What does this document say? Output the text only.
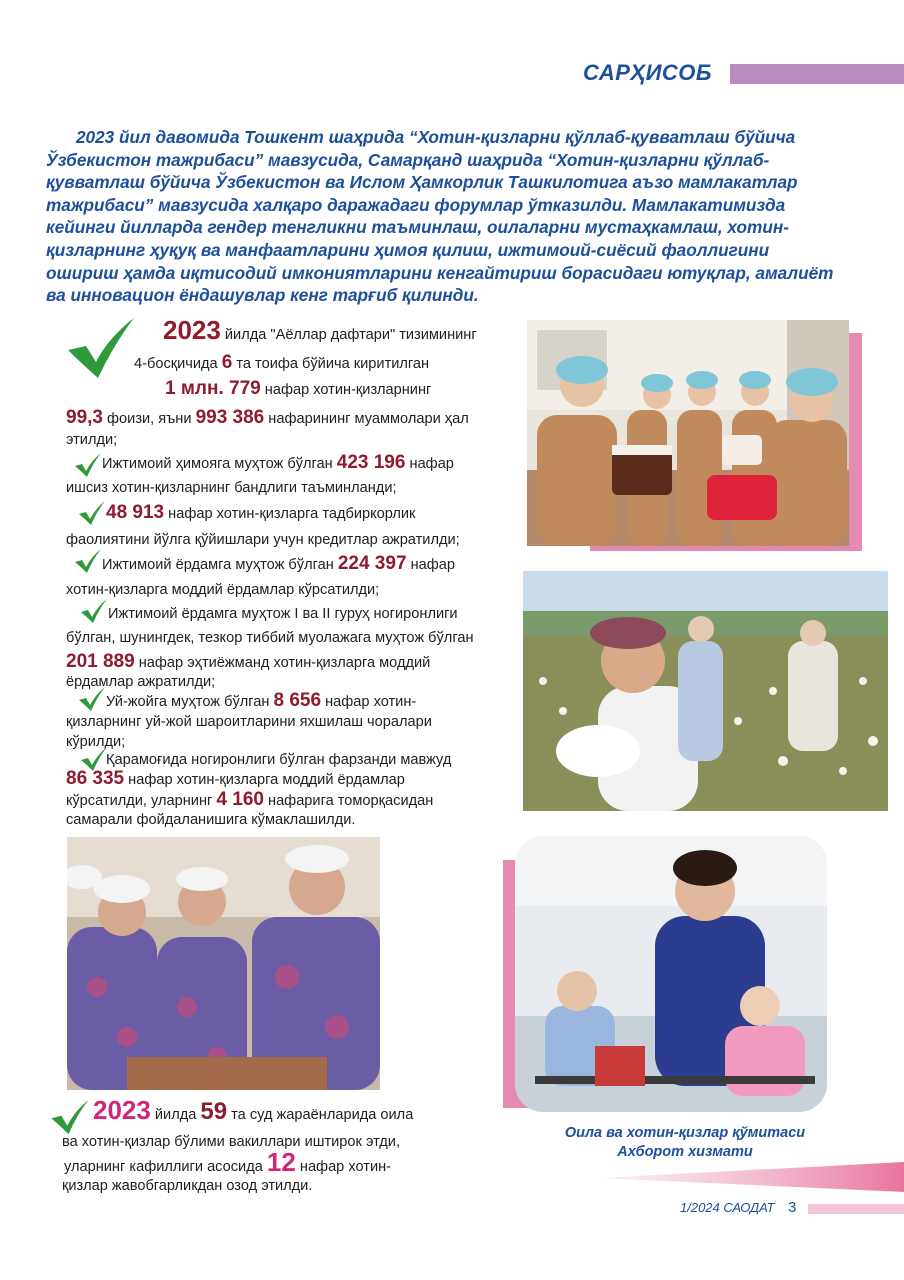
САРҲИСОБ

2023 йил давомида Тошкент шаҳрида “Хотин-қизларни қўллаб-қувватлаш бўйича Ўзбекистон тажрибаси” мавзусида, Самарқанд шаҳрида “Хотин-қизларни қўллаб-қувватлаш бўйича Ўзбекистон ва Ислом Ҳамкорлик Ташкилотига аъзо мамлакатлар тажрибаси” мавзусида халқаро даражадаги форумлар ўтказилди. Мамлакатимизда кейинги йилларда гендер тенгликни таъминлаш, оилаларни мустаҳкамлаш, хотин-қизларнинг ҳуқуқ ва манфаатларини ҳимоя қилиш, ижтимоий-сиёсий фаоллигини ошириш ҳамда иқтисодий имкониятларини кенгайтириш борасидаги ютуқлар, амалиёт ва инновацион ёндашувлар кенг тарғиб қилинди.

2023 йилда "Аёллар дафтари" тизимининг
4-босқичида 6 та тоифа бўйича киритилган
1 млн. 779 нафар хотин-қизларнинг
99,3 фоизи, яъни 993 386 нафарининг муаммолари ҳал
этилди;
Ижтимоий ҳимояга муҳтож бўлган 423 196 нафар
ишсиз хотин-қизларнинг бандлиги таъминланди;
48 913 нафар хотин-қизларга тадбиркорлик
фаолиятини йўлга қўйишлари учун кредитлар ажратилди;
Ижтимоий ёрдамга муҳтож бўлган 224 397 нафар
хотин-қизларга моддий ёрдамлар кўрсатилди;
Ижтимоий ёрдамга муҳтож I ва II гуруҳ ногиронлиги
бўлган, шунингдек, тезкор тиббий муолажага муҳтож бўлган
201 889 нафар эҳтиёжманд хотин-қизларга моддий
ёрдамлар ажратилди;
Уй-жойга муҳтож бўлган 8 656 нафар хотин-
қизларнинг уй-жой шароитларини яхшилаш чоралари
кўрилди;
Қарамоғида ногиронлиги бўлган фарзанди мавжуд
86 335 нафар хотин-қизларга моддий ёрдамлар
кўрсатилди, уларнинг 4 160 нафарига томорқасидан
самарали фойдаланишига кўмаклашилди.
2023 йилда 59 та суд жараёнларида оила
ва хотин-қизлар бўлими вакиллари иштирок этди,
уларнинг кафиллиги асосида 12 нафар хотин-
қизлар жавобгарликдан озод этилди.
Оила ва хотин-қизлар қўмитаси
Ахборот хизмати
1/2024 САОДАТ 3
